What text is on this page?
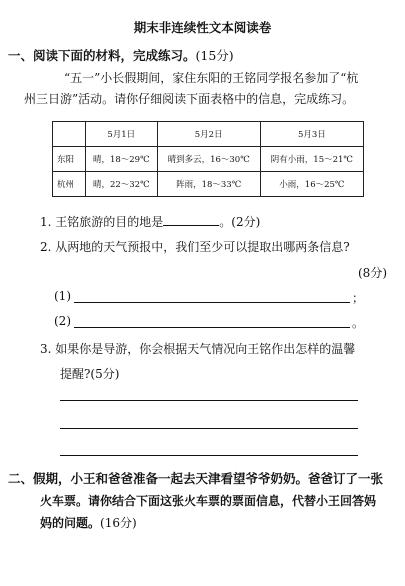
期末非连续性文本阅读卷
一、阅读下面的材料，完成练习。(15分)
“五一”小长假期间，家住东阳的王铭同学报名参加了“杭
州三日游”活动。请你仔细阅读下面表格中的信息，完成练习。
	5月1日	5月2日	5月3日
东阳	晴，18～29℃	晴到多云，16～30℃	阴有小雨，15～21℃
杭州	晴，22～32℃	阵雨，18～33℃	小雨，16～25℃
1. 王铭旅游的目的地是	。(2分)
2. 从两地的天气预报中，我们至少可以提取出哪两条信息?
(8分)
(1)	；
(2)	。
3. 如果你是导游，你会根据天气情况向王铭作出怎样的温馨
提醒?(5分)
二、假期，小王和爸爸准备一起去天津看望爷爷奶奶。爸爸订了一张
火车票。请你结合下面这张火车票的票面信息，代替小王回答妈
妈的问题。(16分)
